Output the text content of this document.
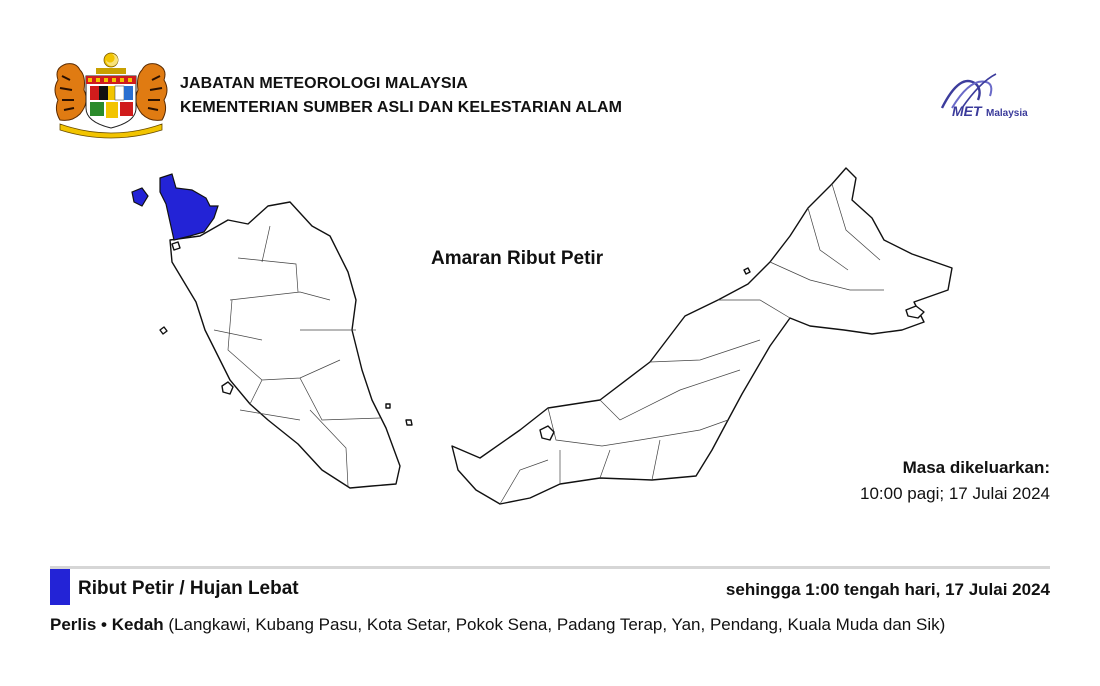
JABATAN METEOROLOGI MALAYSIA
KEMENTERIAN SUMBER ASLI DAN KELESTARIAN ALAM	MET Malaysia
Amaran Ribut Petir
Masa dikeluarkan:
10:00 pagi; 17 Julai 2024
Ribut Petir / Hujan Lebat	sehingga 1:00 tengah hari, 17 Julai 2024
Perlis • Kedah (Langkawi, Kubang Pasu, Kota Setar, Pokok Sena, Padang Terap, Yan, Pendang, Kuala Muda dan Sik)
